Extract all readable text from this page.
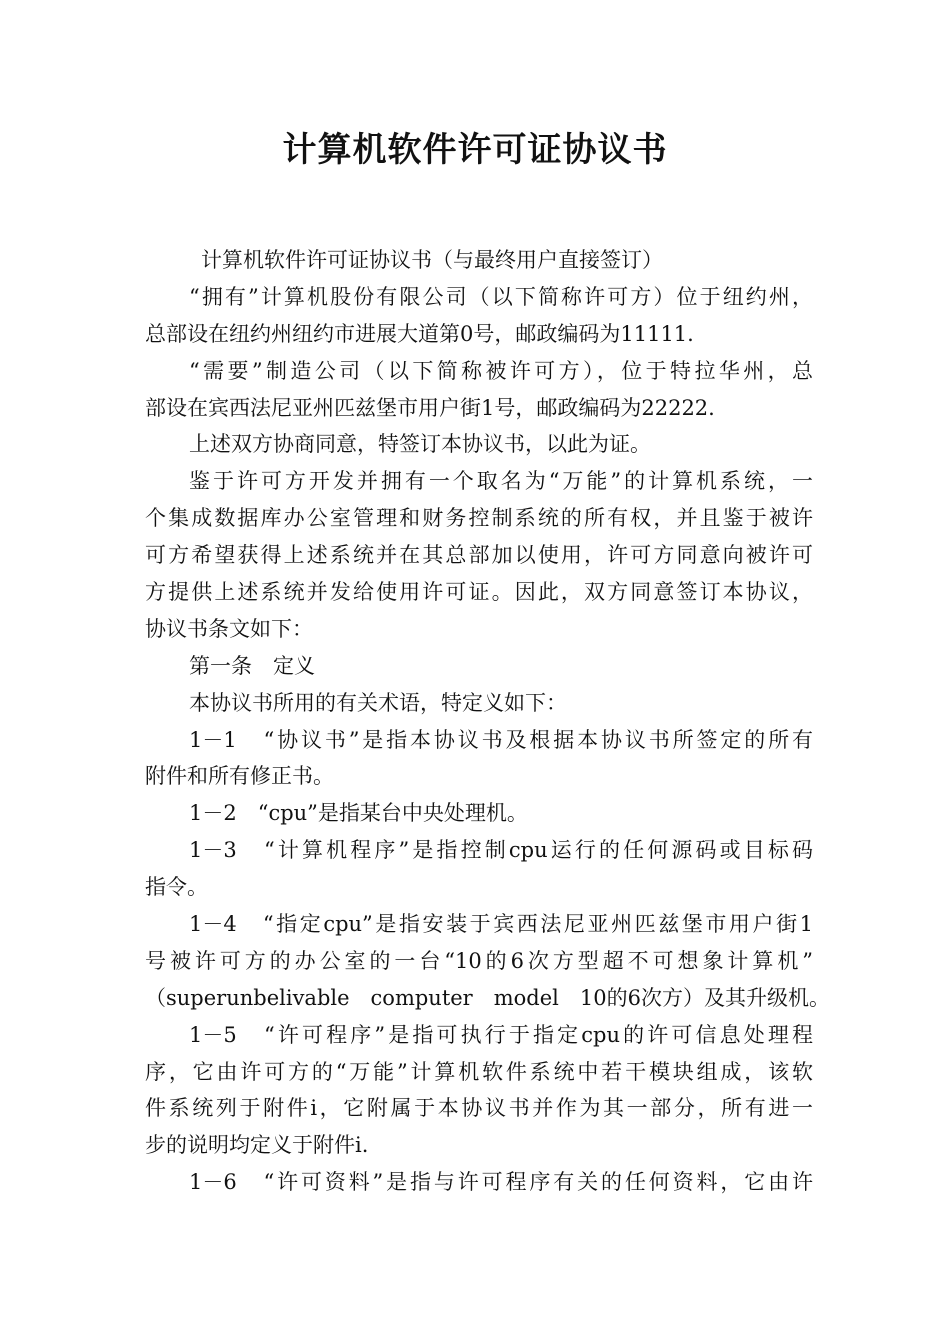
计算机软件许可证协议书
计算机软件许可证协议书（与最终用户直接签订）
“拥有”计算机股份有限公司（以下简称许可方）位于纽约州，
总部设在纽约州纽约市进展大道第0号，邮政编码为11111.
“需要”制造公司（以下简称被许可方），位于特拉华州，总
部设在宾西法尼亚州匹兹堡市用户街1号，邮政编码为22222.
上述双方协商同意，特签订本协议书，以此为证。
鉴于许可方开发并拥有一个取名为“万能”的计算机系统，一
个集成数据库办公室管理和财务控制系统的所有权，并且鉴于被许
可方希望获得上述系统并在其总部加以使用，许可方同意向被许可
方提供上述系统并发给使用许可证。因此，双方同意签订本协议，
协议书条文如下：
第一条　定义
本协议书所用的有关术语，特定义如下：
1－1　“协议书”是指本协议书及根据本协议书所签定的所有
附件和所有修正书。
1－2　“cpu”是指某台中央处理机。
1－3　“计算机程序”是指控制cpu运行的任何源码或目标码
指令。
1－4　“指定cpu”是指安装于宾西法尼亚州匹兹堡市用户街1
号被许可方的办公室的一台“10的6次方型超不可想象计算机”
（superunbelivable　computer　model　10的6次方）及其升级机。
1－5　“许可程序”是指可执行于指定cpu的许可信息处理程
序，它由许可方的“万能”计算机软件系统中若干模块组成，该软
件系统列于附件i，它附属于本协议书并作为其一部分，所有进一
步的说明均定义于附件i.
1－6　“许可资料”是指与许可程序有关的任何资料，它由许
